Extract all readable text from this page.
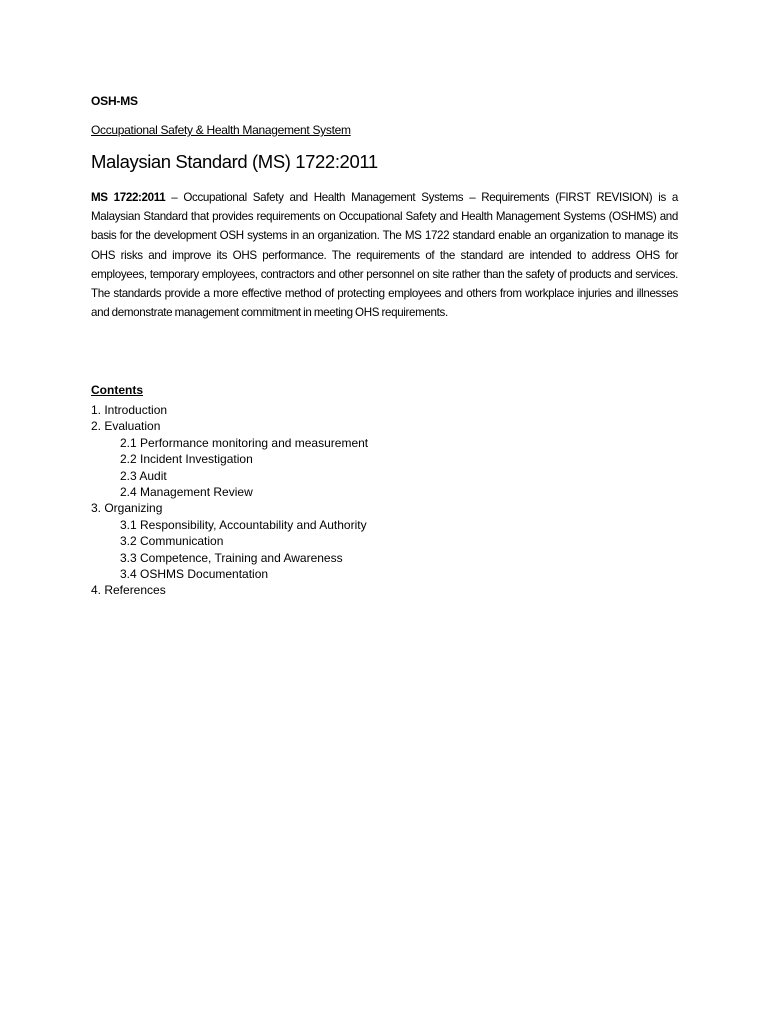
OSH-MS
Occupational Safety & Health Management System
Malaysian Standard (MS) 1722:2011
MS 1722:2011 – Occupational Safety and Health Management Systems – Requirements (FIRST REVISION) is a Malaysian Standard that provides requirements on Occupational Safety and Health Management Systems (OSHMS) and basis for the development OSH systems in an organization. The MS 1722 standard enable an organization to manage its OHS risks and improve its OHS performance. The requirements of the standard are intended to address OHS for employees, temporary employees, contractors and other personnel on site rather than the safety of products and services. The standards provide a more effective method of protecting employees and others from workplace injuries and illnesses and demonstrate management commitment in meeting OHS requirements.
Contents
1. Introduction
2. Evaluation
2.1 Performance monitoring and measurement
2.2 Incident Investigation
2.3 Audit
2.4 Management Review
3. Organizing
3.1 Responsibility, Accountability and Authority
3.2 Communication
3.3 Competence, Training and Awareness
3.4 OSHMS Documentation
4. References
